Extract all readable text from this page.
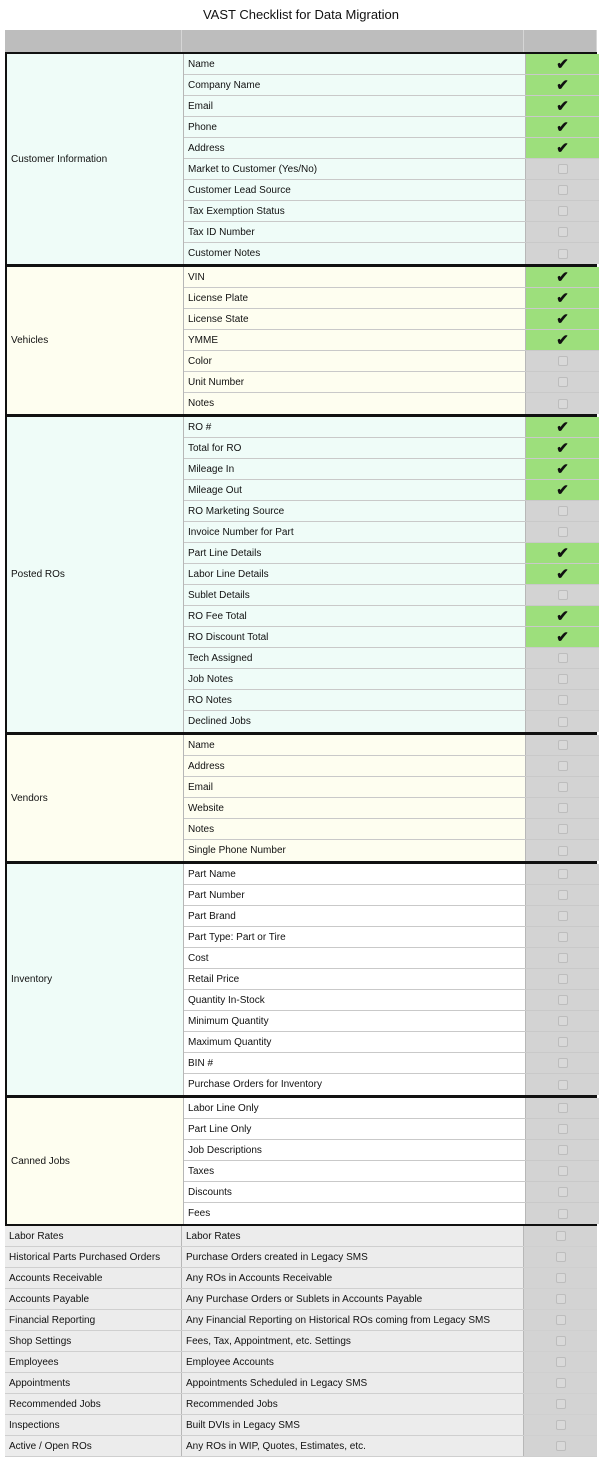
VAST Checklist for Data Migration
Customer Information
Name	✔
Company Name	✔
Email	✔
Phone	✔
Address	✔
Market to Customer (Yes/No)
Customer Lead Source
Tax Exemption Status
Tax ID Number
Customer Notes
Vehicles
VIN	✔
License Plate	✔
License State	✔
YMME	✔
Color
Unit Number
Notes
Posted ROs
RO #	✔
Total for RO	✔
Mileage In	✔
Mileage Out	✔
RO Marketing Source
Invoice Number for Part
Part Line Details	✔
Labor Line Details	✔
Sublet Details
RO Fee Total	✔
RO Discount Total	✔
Tech Assigned
Job Notes
RO Notes
Declined Jobs
Vendors
Name
Address
Email
Website
Notes
Single Phone Number
Inventory
Part Name
Part Number
Part Brand
Part Type: Part or Tire
Cost
Retail Price
Quantity In-Stock
Minimum Quantity
Maximum Quantity
BIN #
Purchase Orders for Inventory
Canned Jobs
Labor Line Only
Part Line Only
Job Descriptions
Taxes
Discounts
Fees
Labor Rates	Labor Rates
Historical Parts Purchased Orders	Purchase Orders created in Legacy SMS
Accounts Receivable	Any ROs in Accounts Receivable
Accounts Payable	Any Purchase Orders or Sublets in Accounts Payable
Financial Reporting	Any Financial Reporting on Historical ROs coming from Legacy SMS
Shop Settings	Fees, Tax, Appointment, etc. Settings
Employees	Employee Accounts
Appointments	Appointments Scheduled in Legacy SMS
Recommended Jobs	Recommended Jobs
Inspections	Built DVIs in Legacy SMS
Active / Open ROs	Any ROs in WIP, Quotes, Estimates, etc.
